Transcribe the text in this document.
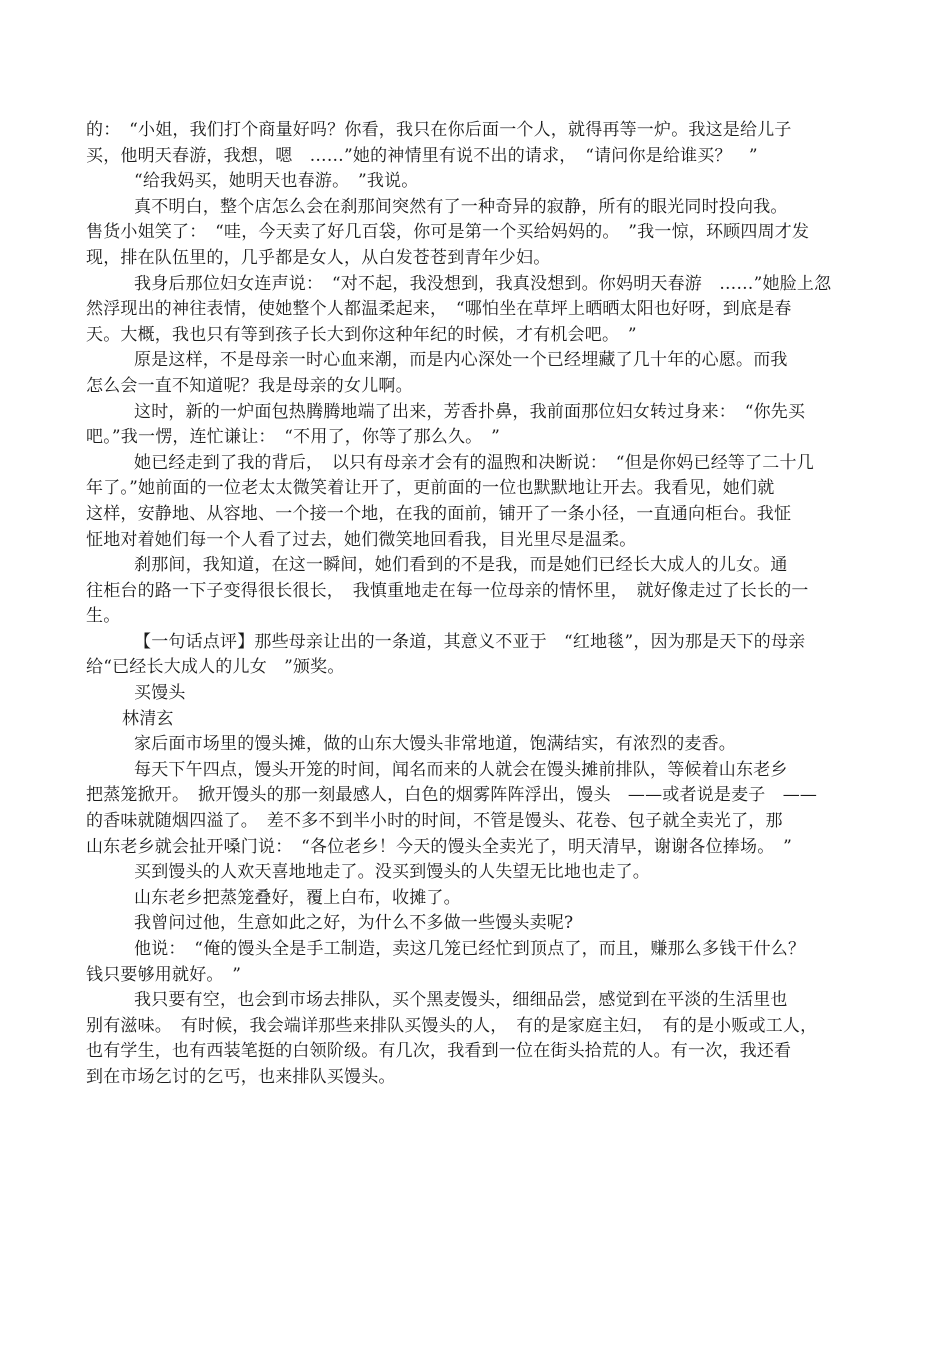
的：　“小姐，我们打个商量好吗？你看，我只在你后面一个人，就得再等一炉。我这是给儿子
买，他明天春游，我想，嗯　……”她的神情里有说不出的请求，　“请问你是给谁买？　”
“给我妈买，她明天也春游。　”我说。
真不明白，整个店怎么会在刹那间突然有了一种奇异的寂静，所有的眼光同时投向我。
售货小姐笑了：　“哇，今天卖了好几百袋，你可是第一个买给妈妈的。　”我一惊，环顾四周才发
现，排在队伍里的，几乎都是女人，从白发苍苍到青年少妇。
我身后那位妇女连声说：　“对不起，我没想到，我真没想到。你妈明天春游　……”她脸上忽
然浮现出的神往表情，使她整个人都温柔起来，　“哪怕坐在草坪上晒晒太阳也好呀，到底是春
天。大概，我也只有等到孩子长大到你这种年纪的时候，才有机会吧。　”
原是这样，不是母亲一时心血来潮，而是内心深处一个已经埋藏了几十年的心愿。而我
怎么会一直不知道呢？我是母亲的女儿啊。
这时，新的一炉面包热腾腾地端了出来，芳香扑鼻，我前面那位妇女转过身来：　“你先买
吧。”我一愣，连忙谦让：　“不用了，你等了那么久。　”
她已经走到了我的背后，　以只有母亲才会有的温煦和决断说：　“但是你妈已经等了二十几
年了。”她前面的一位老太太微笑着让开了，更前面的一位也默默地让开去。我看见，她们就
这样，安静地、从容地、一个接一个地，在我的面前，铺开了一条小径，一直通向柜台。我怔
怔地对着她们每一个人看了过去，她们微笑地回看我，目光里尽是温柔。
刹那间，我知道，在这一瞬间，她们看到的不是我，而是她们已经长大成人的儿女。通
往柜台的路一下子变得很长很长，　我慎重地走在每一位母亲的情怀里，　就好像走过了长长的一
生。
【一句话点评】那些母亲让出的一条道，其意义不亚于　“红地毯”，因为那是天下的母亲
给“已经长大成人的儿女　”颁奖。
买馒头
林清玄
家后面市场里的馒头摊，做的山东大馒头非常地道，饱满结实，有浓烈的麦香。
每天下午四点，馒头开笼的时间，闻名而来的人就会在馒头摊前排队，等候着山东老乡
把蒸笼掀开。　掀开馒头的那一刻最感人，白色的烟雾阵阵浮出，馒头　——或者说是麦子　——
的香味就随烟四溢了。　差不多不到半小时的时间，不管是馒头、花卷、包子就全卖光了，那
山东老乡就会扯开嗓门说：　“各位老乡！今天的馒头全卖光了，明天清早，谢谢各位捧场。　”
买到馒头的人欢天喜地地走了。没买到馒头的人失望无比地也走了。
山东老乡把蒸笼叠好，覆上白布，收摊了。
我曾问过他，生意如此之好，为什么不多做一些馒头卖呢?
他说：　“俺的馒头全是手工制造，卖这几笼已经忙到顶点了，而且，赚那么多钱干什么？
钱只要够用就好。　”
我只要有空，也会到市场去排队，买个黑麦馒头，细细品尝，感觉到在平淡的生活里也
别有滋味。　有时候，我会端详那些来排队买馒头的人，　有的是家庭主妇，　有的是小贩或工人，
也有学生，也有西装笔挺的白领阶级。有几次，我看到一位在街头拾荒的人。有一次，我还看
到在市场乞讨的乞丐，也来排队买馒头。
